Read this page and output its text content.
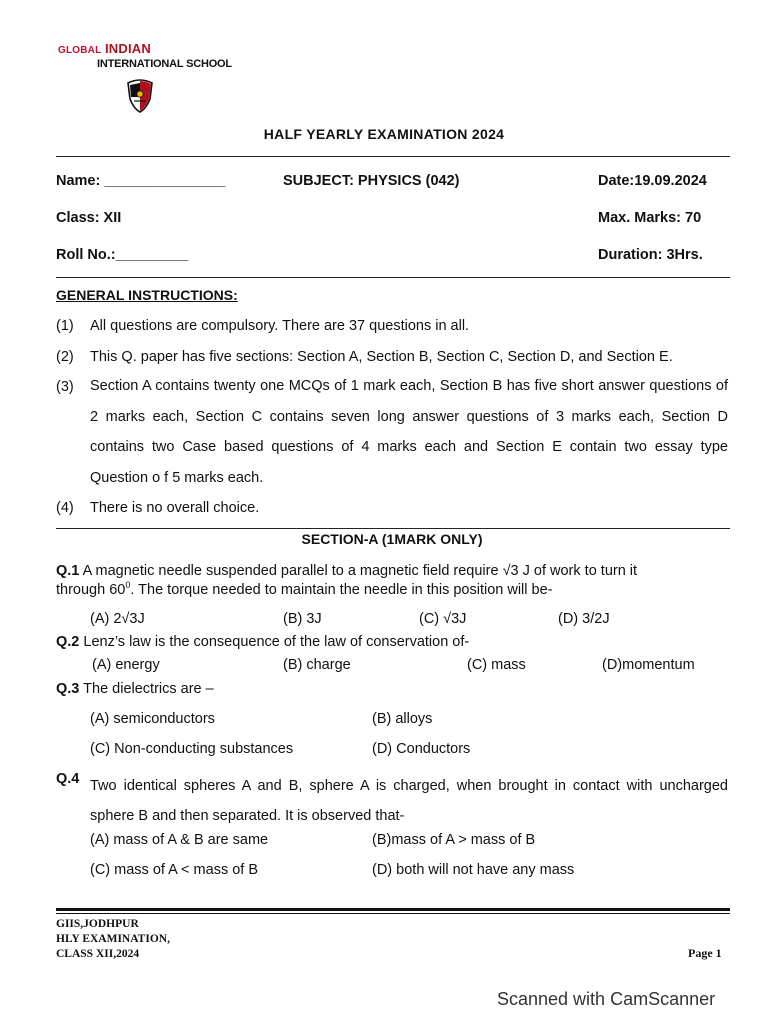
GLOBAL INDIAN
INTERNATIONAL SCHOOL
HALF YEARLY EXAMINATION 2024
Name: _______________	SUBJECT: PHYSICS (042)	Date:19.09.2024
Class: XII	Max. Marks: 70
Roll No.:_________	Duration: 3Hrs.
GENERAL INSTRUCTIONS:
(1) All questions are compulsory. There are 37 questions in all.
(2) This Q. paper has five sections: Section A, Section B, Section C, Section D, and Section E.
(3) Section A contains twenty one MCQs of 1 mark each, Section B has five short answer questions of 2 marks each, Section C contains seven long answer questions of 3 marks each, Section D contains two Case based questions of 4 marks each and Section E contain two essay type Question o f 5 marks each.
(4) There is no overall choice.
SECTION-A (1MARK ONLY)
Q.1 A magnetic needle suspended parallel to a magnetic field require √3 J of work to turn it
through $60^0$. The torque needed to maintain the needle in this position will be-
(A) 2√3J	(B) 3J	(C) √3J	(D) 3/2J
Q.2 Lenz’s law is the consequence of the law of conservation of-
(A) energy	(B) charge	(C) mass	(D)momentum
Q.3 The dielectrics are –
(A) semiconductors	(B) alloys
(C) Non-conducting substances	(D) Conductors
Q.4 Two identical spheres A and B, sphere A is charged, when brought in contact with uncharged sphere B and then separated. It is observed that-
(A) mass of A & B are same	(B)mass of A > mass of B
(C) mass of A < mass of B	(D) both will not have any mass
GIIS,JODHPUR
HLY EXAMINATION,
CLASS XII,2024	Page 1
Scanned with CamScanner
